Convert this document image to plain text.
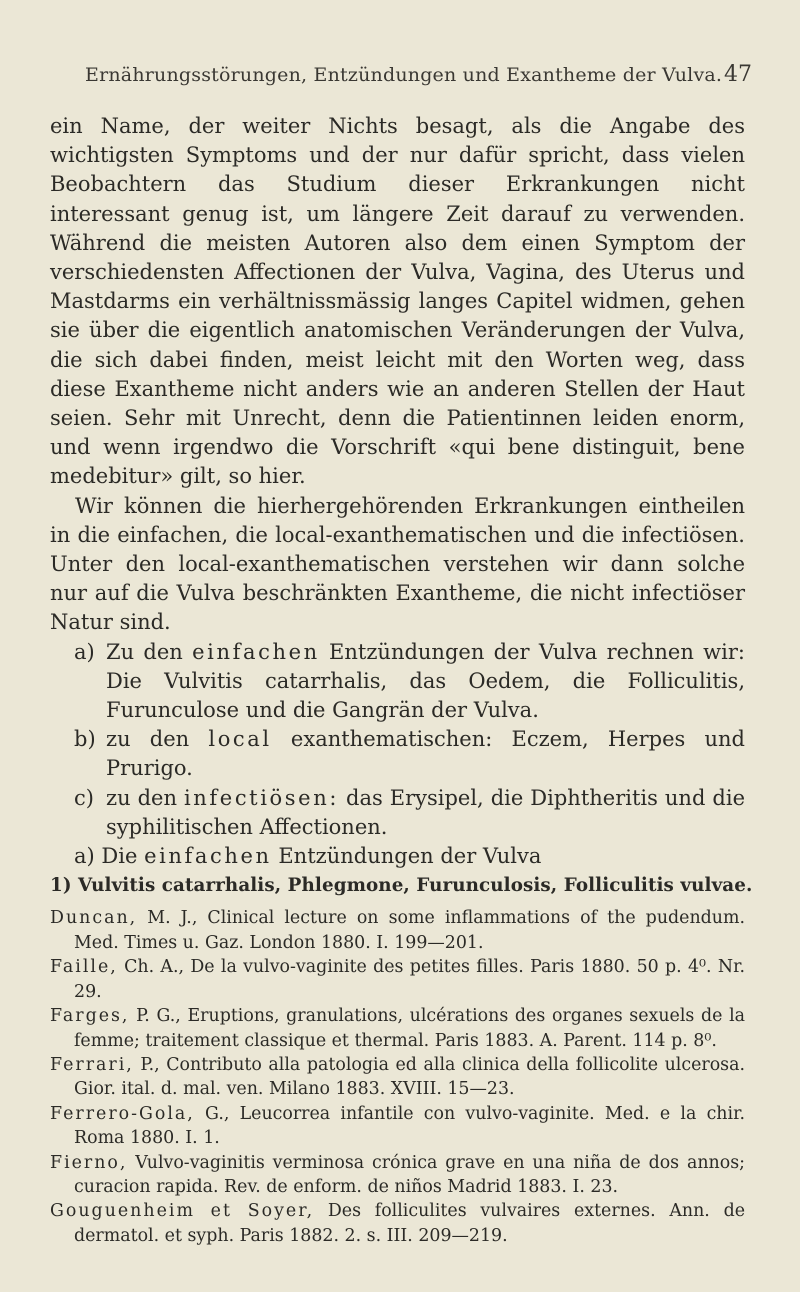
Ernährungsstörungen, Entzündungen und Exantheme der Vulva. 47

ein Name, der weiter Nichts besagt, als die Angabe des wichtigsten Symptoms und der nur dafür spricht, dass vielen Beobachtern das Studium dieser Erkrankungen nicht interessant genug ist, um längere Zeit darauf zu verwenden. Während die meisten Autoren also dem einen Symptom der verschiedensten Affectionen der Vulva, Vagina, des Uterus und Mastdarms ein verhältnissmässig langes Capitel widmen, gehen sie über die eigentlich anatomischen Veränderungen der Vulva, die sich dabei finden, meist leicht mit den Worten weg, dass diese Exantheme nicht anders wie an anderen Stellen der Haut seien. Sehr mit Unrecht, denn die Patientinnen leiden enorm, und wenn irgendwo die Vorschrift «qui bene distinguit, bene medebitur» gilt, so hier.

Wir können die hierhergehörenden Erkrankungen eintheilen in die einfachen, die local-exanthematischen und die infectiösen. Unter den local-exanthematischen verstehen wir dann solche nur auf die Vulva beschränkten Exantheme, die nicht infectiöser Natur sind.

a) Zu den einfachen Entzündungen der Vulva rechnen wir: Die Vulvitis catarrhalis, das Oedem, die Folliculitis, Furunculose und die Gangrän der Vulva.

b) zu den local exanthematischen: Eczem, Herpes und Prurigo.

c) zu den infectiösen: das Erysipel, die Diphtheritis und die syphilitischen Affectionen.

a) Die einfachen Entzündungen der Vulva

1) Vulvitis catarrhalis, Phlegmone, Furunculosis, Folliculitis vulvae.

Duncan, M. J., Clinical lecture on some inflammations of the pudendum. Med. Times u. Gaz. London 1880. I. 199—201.

Faille, Ch. A., De la vulvo-vaginite des petites filles. Paris 1880. 50 p. 4⁰. Nr. 29.

Farges, P. G., Eruptions, granulations, ulcérations des organes sexuels de la femme; traitement classique et thermal. Paris 1883. A. Parent. 114 p. 8⁰.

Ferrari, P., Contributo alla patologia ed alla clinica della follicolite ulcerosa. Gior. ital. d. mal. ven. Milano 1883. XVIII. 15—23.

Ferrero-Gola, G., Leucorrea infantile con vulvo-vaginite. Med. e la chir. Roma 1880. I. 1.

Fierno, Vulvo-vaginitis verminosa crónica grave en una niña de dos annos; curacion rapida. Rev. de enform. de niños Madrid 1883. I. 23.

Gouguenheim et Soyer, Des folliculites vulvaires externes. Ann. de dermatol. et syph. Paris 1882. 2. s. III. 209—219.
